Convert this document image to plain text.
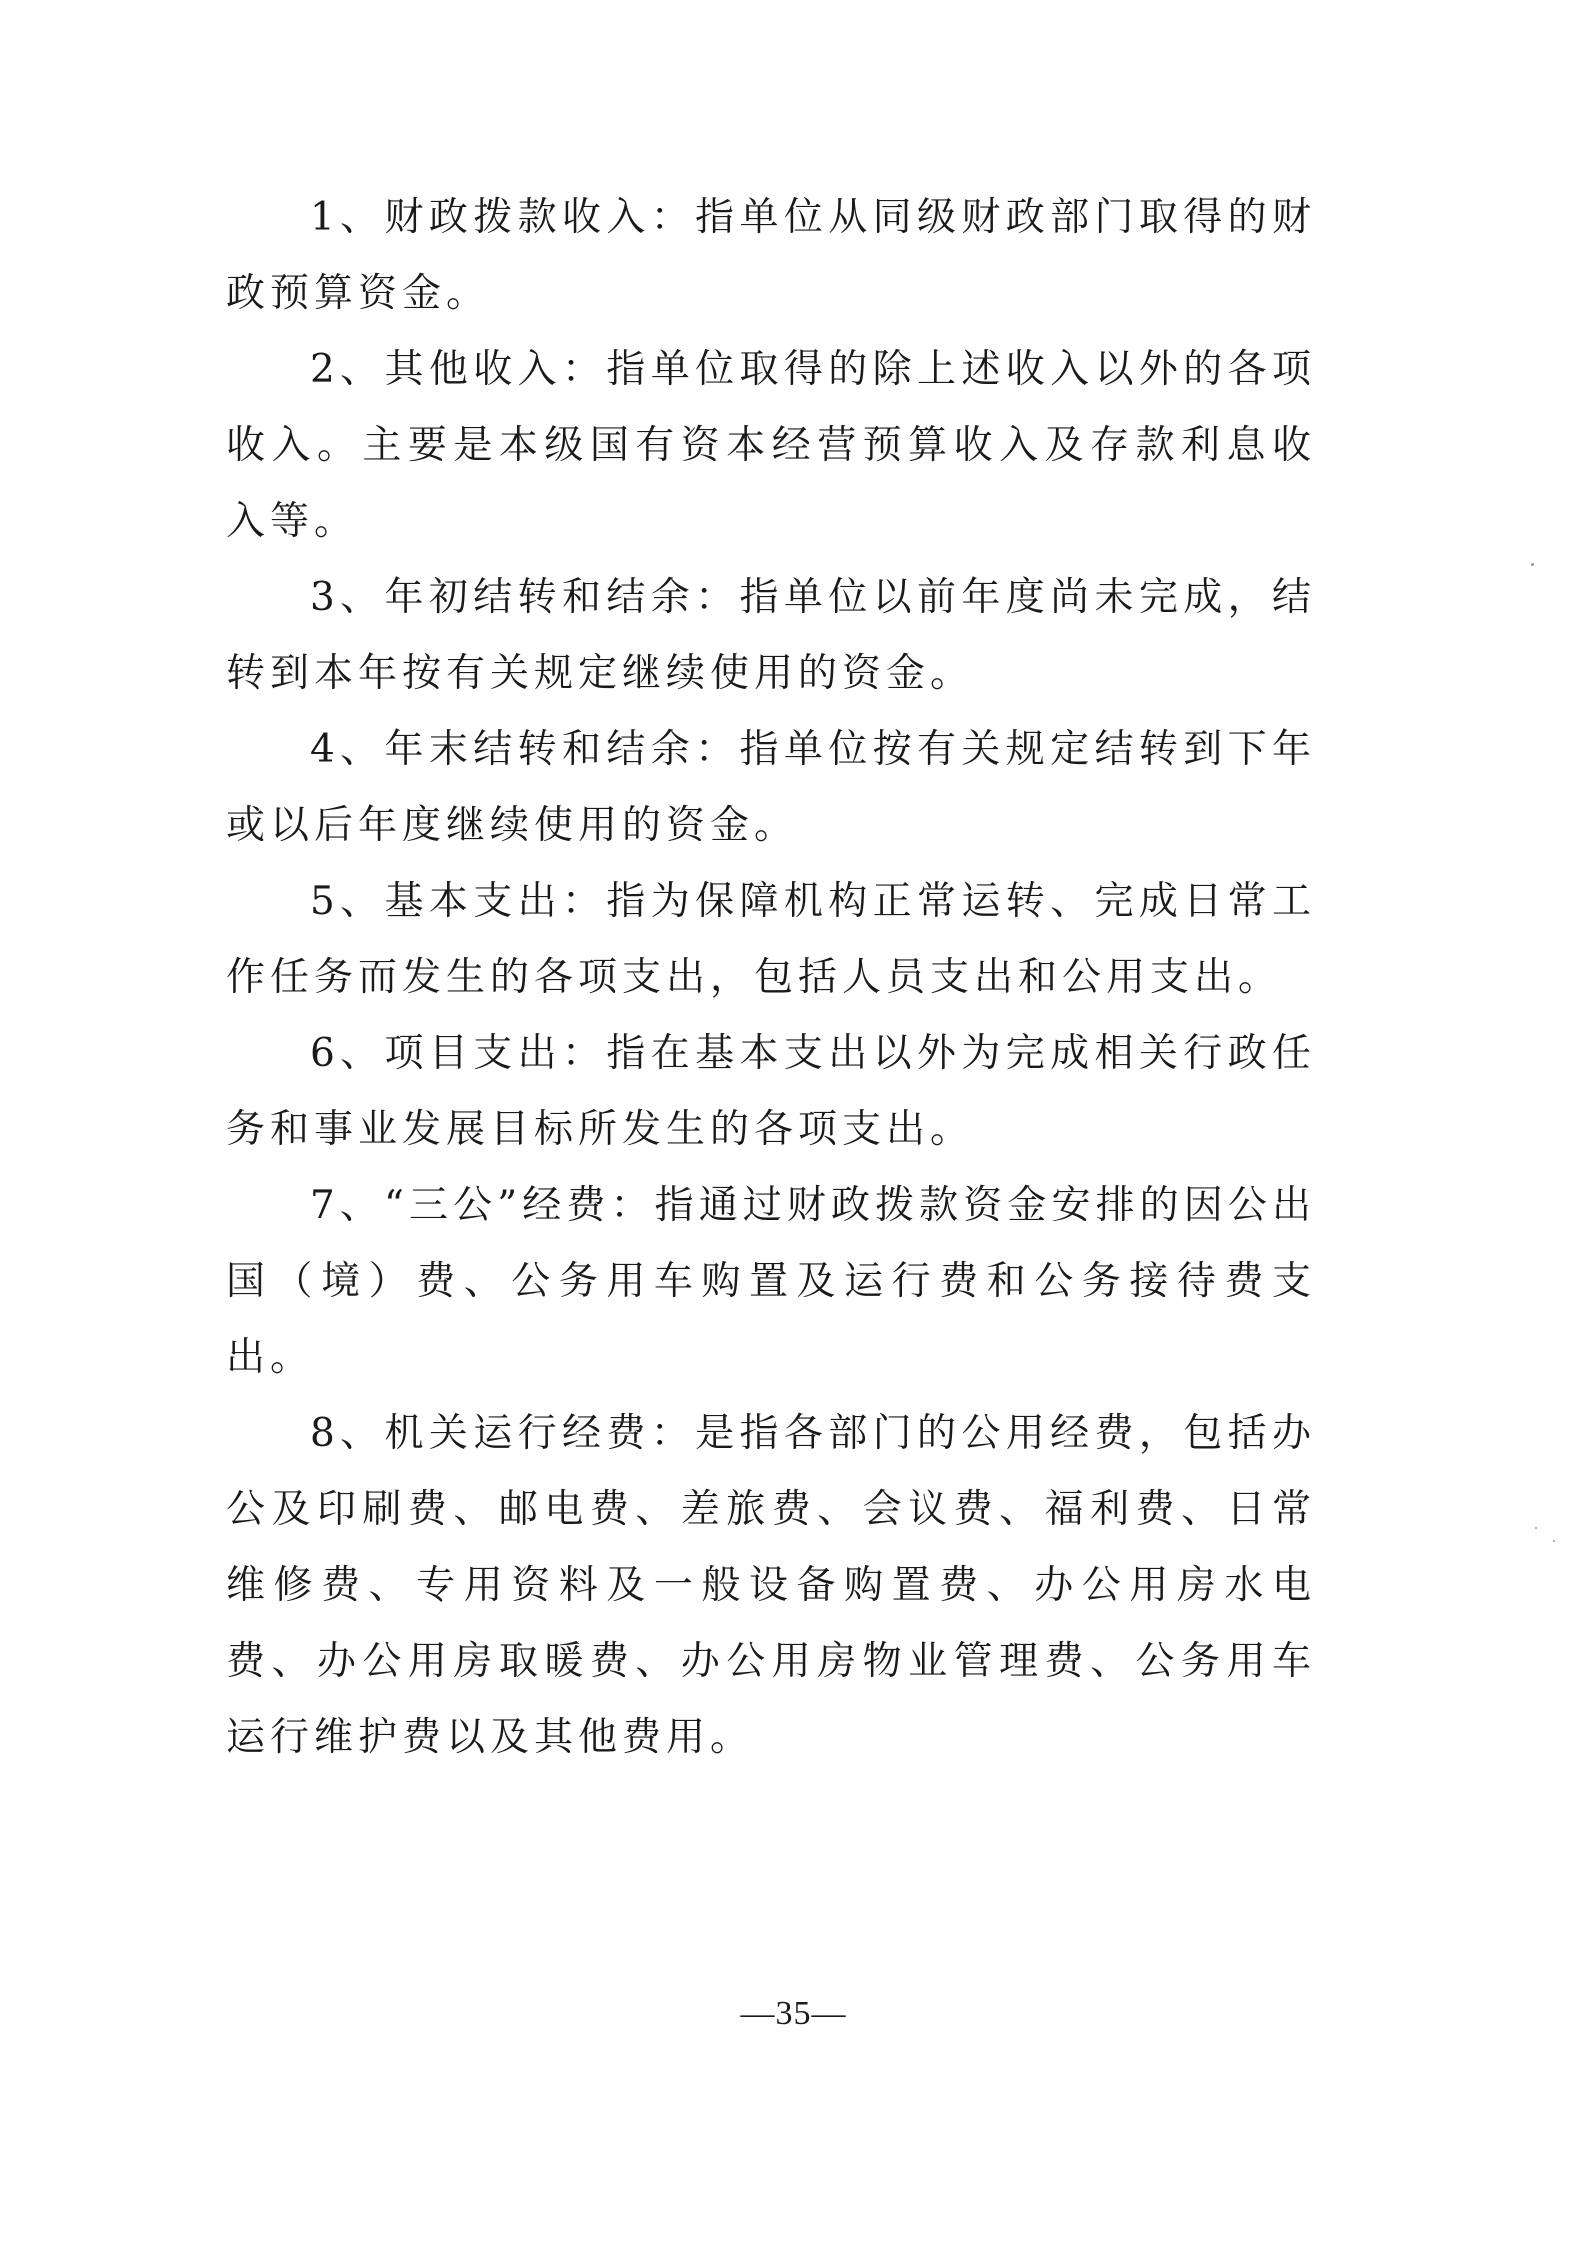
1、财政拨款收入：指单位从同级财政部门取得的财政预算资金。

2、其他收入：指单位取得的除上述收入以外的各项收入。主要是本级国有资本经营预算收入及存款利息收入等。

3、年初结转和结余：指单位以前年度尚未完成，结转到本年按有关规定继续使用的资金。

4、年末结转和结余：指单位按有关规定结转到下年或以后年度继续使用的资金。

5、基本支出：指为保障机构正常运转、完成日常工作任务而发生的各项支出，包括人员支出和公用支出。

6、项目支出：指在基本支出以外为完成相关行政任务和事业发展目标所发生的各项支出。

7、“三公”经费：指通过财政拨款资金安排的因公出国（境）费、公务用车购置及运行费和公务接待费支出。

8、机关运行经费：是指各部门的公用经费，包括办公及印刷费、邮电费、差旅费、会议费、福利费、日常维修费、专用资料及一般设备购置费、办公用房水电费、办公用房取暖费、办公用房物业管理费、公务用车运行维护费以及其他费用。

—35—
